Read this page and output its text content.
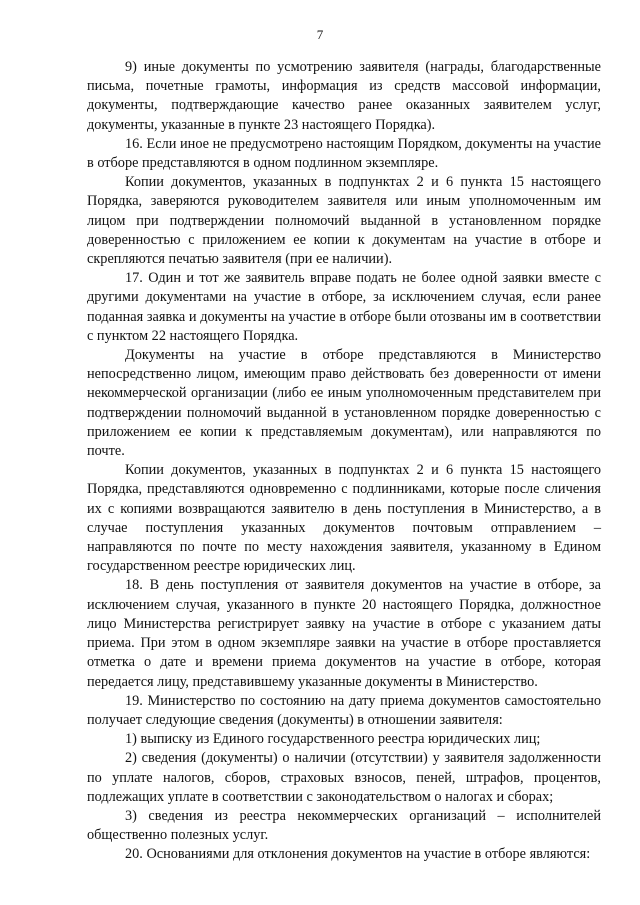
7

9) иные документы по усмотрению заявителя (награды, благодарственные письма, почетные грамоты, информация из средств массовой информации, документы, подтверждающие качество ранее оказанных заявителем услуг, документы, указанные в пункте 23 настоящего Порядка).

16. Если иное не предусмотрено настоящим Порядком, документы на участие в отборе представляются в одном подлинном экземпляре.

Копии документов, указанных в подпунктах 2 и 6 пункта 15 настоящего Порядка, заверяются руководителем заявителя или иным уполномоченным им лицом при подтверждении полномочий выданной в установленном порядке доверенностью с приложением ее копии к документам на участие в отборе и скрепляются печатью заявителя (при ее наличии).

17. Один и тот же заявитель вправе подать не более одной заявки вместе с другими документами на участие в отборе, за исключением случая, если ранее поданная заявка и документы на участие в отборе были отозваны им в соответствии с пунктом 22 настоящего Порядка.

Документы на участие в отборе представляются в Министерство непосредственно лицом, имеющим право действовать без доверенности от имени некоммерческой организации (либо ее иным уполномоченным представителем при подтверждении полномочий выданной в установленном порядке доверенностью с приложением ее копии к представляемым документам), или направляются по почте.

Копии документов, указанных в подпунктах 2 и 6 пункта 15 настоящего Порядка, представляются одновременно с подлинниками, которые после сличения их с копиями возвращаются заявителю в день поступления в Министерство, а в случае поступления указанных документов почтовым отправлением – направляются по почте по месту нахождения заявителя, указанному в Едином государственном реестре юридических лиц.

18. В день поступления от заявителя документов на участие в отборе, за исключением случая, указанного в пункте 20 настоящего Порядка, должностное лицо Министерства регистрирует заявку на участие в отборе с указанием даты приема. При этом в одном экземпляре заявки на участие в отборе проставляется отметка о дате и времени приема документов на участие в отборе, которая передается лицу, представившему указанные документы в Министерство.

19. Министерство по состоянию на дату приема документов самостоятельно получает следующие сведения (документы) в отношении заявителя:

1) выписку из Единого государственного реестра юридических лиц;

2) сведения (документы) о наличии (отсутствии) у заявителя задолженности по уплате налогов, сборов, страховых взносов, пеней, штрафов, процентов, подлежащих уплате в соответствии с законодательством о налогах и сборах;

3) сведения из реестра некоммерческих организаций – исполнителей общественно полезных услуг.

20. Основаниями для отклонения документов на участие в отборе являются:
